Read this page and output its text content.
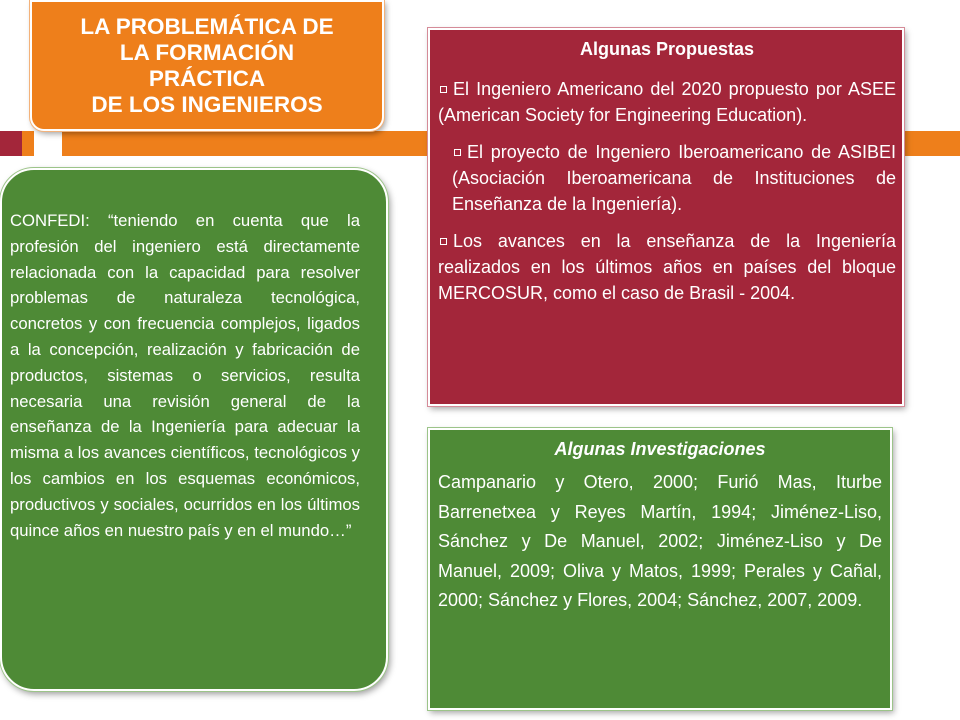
LA PROBLEMÁTICA DE
LA FORMACIÓN
PRÁCTICA
DE LOS INGENIEROS
CONFEDI: “teniendo en cuenta que la profesión del ingeniero está directamente relacionada con la capacidad para resolver problemas de naturaleza tecnológica, concretos y con frecuencia complejos, ligados a la concepción, realización y fabricación de productos, sistemas o servicios, resulta necesaria una revisión general de la enseñanza de la Ingeniería para adecuar la misma a los avances científicos, tecnológicos y los cambios en los esquemas económicos, productivos y sociales, ocurridos en los últimos quince años en nuestro país y en el mundo…”
Algunas Propuestas

El Ingeniero Americano del 2020 propuesto por ASEE (American Society for Engineering Education).

El proyecto de Ingeniero Iberoamericano de ASIBEI (Asociación Iberoamericana de Instituciones de Enseñanza de la Ingeniería).

Los avances en la enseñanza de la Ingeniería realizados en los últimos años en países del bloque MERCOSUR, como el caso de Brasil - 2004.

Algunas Investigaciones

Campanario y Otero, 2000; Furió Mas, Iturbe Barrenetxea y Reyes Martín, 1994; Jiménez-Liso, Sánchez y De Manuel, 2002; Jiménez-Liso y De Manuel, 2009; Oliva y Matos, 1999; Perales y Cañal, 2000; Sánchez y Flores, 2004; Sánchez, 2007, 2009.
